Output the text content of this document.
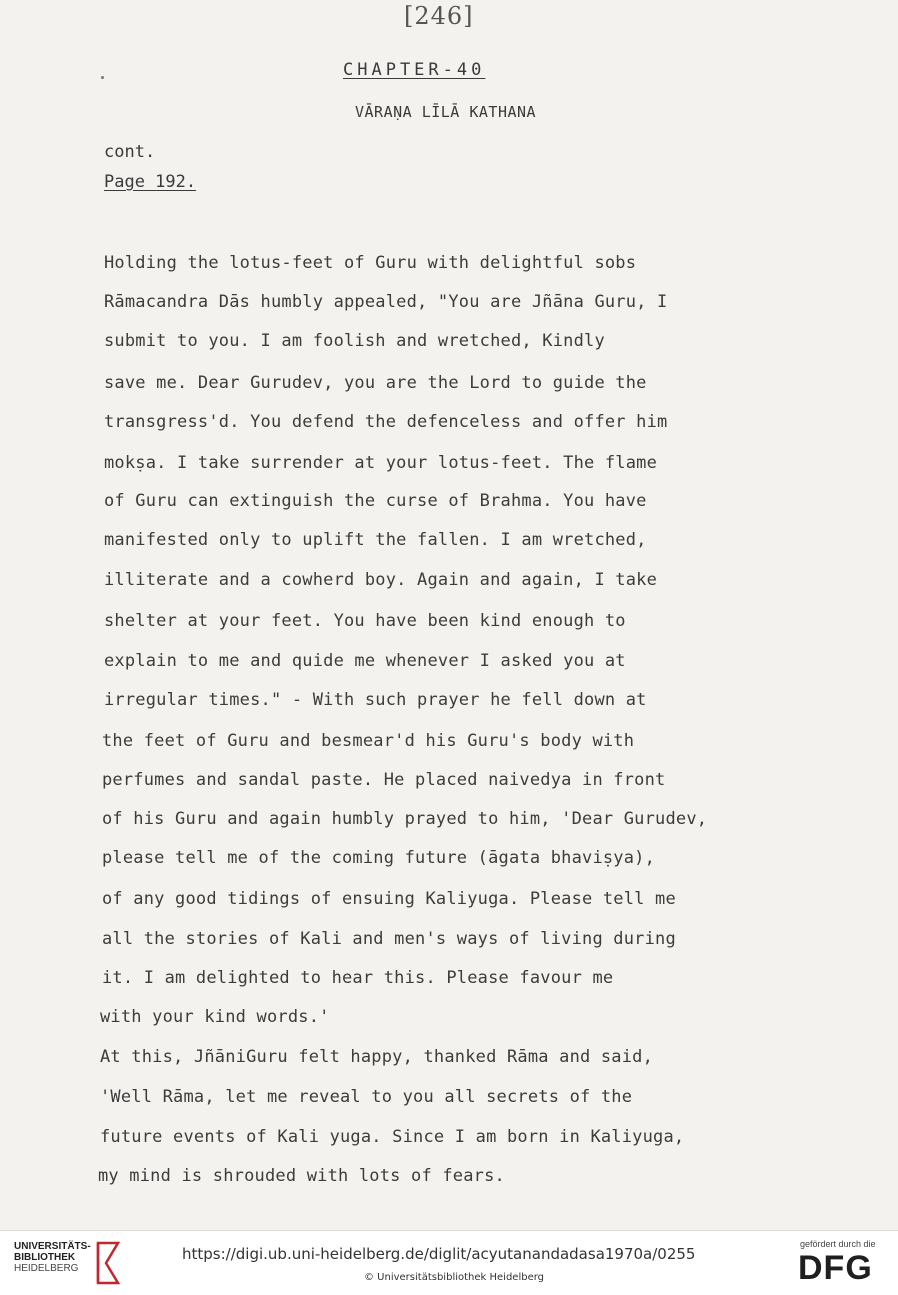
[246]
CHAPTER-40
VĀRAṆA LĪLĀ KATHANA
cont.
Page 192.
Holding the lotus-feet of Guru with delightful sobs
Rāmacandra Dās humbly appealed, "You are Jñāna Guru, I
submit to you. I am foolish and wretched, Kindly
save me. Dear Gurudev, you are the Lord to guide the
transgress'd. You defend the defenceless and offer him
mokṣa. I take surrender at your lotus-feet. The flame
of Guru can extinguish the curse of Brahma. You have
manifested only to uplift the fallen. I am wretched,
illiterate and a cowherd boy. Again and again, I take
shelter at your feet. You have been kind enough to
explain to me and quide me whenever I asked you at
irregular times." - With such prayer he fell down at
the feet of Guru and besmear'd his Guru's body with
perfumes and sandal paste. He placed naivedya in front
of his Guru and again humbly prayed to him, 'Dear Gurudev,
please tell me of the coming future (āgata bhaviṣya),
of any good tidings of ensuing Kaliyuga. Please tell me
all the stories of Kali and men's ways of living during
it. I am delighted to hear this. Please favour me
with your kind words.'
At this, JñāniGuru felt happy, thanked Rāma and said,
'Well Rāma, let me reveal to you all secrets of the
future events of Kali yuga. Since I am born in Kaliyuga,
my mind is shrouded with lots of fears.
UNIVERSITÄTS-
BIBLIOTHEK
HEIDELBERG
https://digi.ub.uni-heidelberg.de/diglit/acyutanandadasa1970a/0255
© Universitätsbibliothek Heidelberg
gefördert durch die
DFG
